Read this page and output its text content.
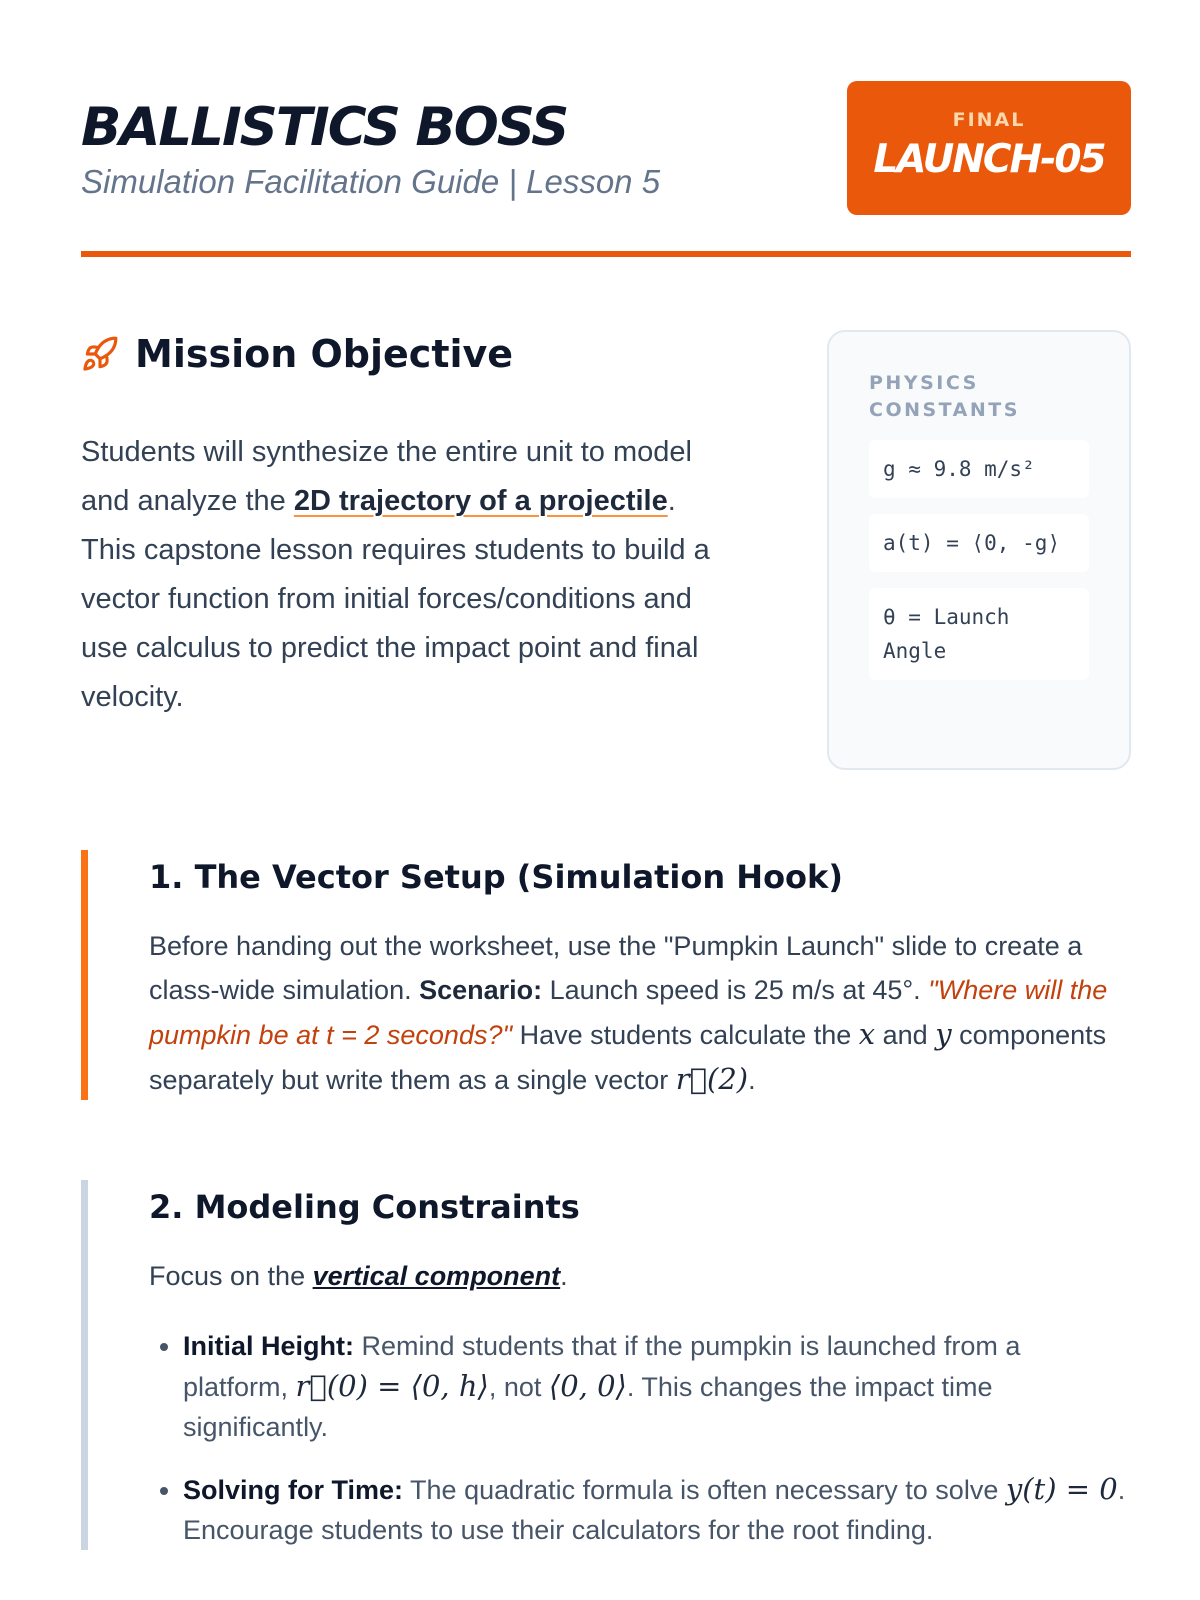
BALLISTICS BOSS
Simulation Facilitation Guide | Lesson 5
FINAL
LAUNCH-05
Mission Objective

Students will synthesize the entire unit to model and analyze the 2D trajectory of a projectile. This capstone lesson requires students to build a vector function from initial forces/conditions and use calculus to predict the impact point and final velocity.

PHYSICS CONSTANTS
g ≈ 9.8 m/s²
a(t) = ⟨0, -g⟩
θ = Launch Angle
1. The Vector Setup (Simulation Hook)

Before handing out the worksheet, use the "Pumpkin Launch" slide to create a class-wide simulation. Scenario: Launch speed is 25 m/s at 45°. "Where will the pumpkin be at t = 2 seconds?" Have students calculate the x and y components separately but write them as a single vector r⃗(2).

2. Modeling Constraints

Focus on the vertical component.

• Initial Height: Remind students that if the pumpkin is launched from a platform, r⃗(0) = ⟨0, h⟩, not ⟨0, 0⟩. This changes the impact time significantly.
• Solving for Time: The quadratic formula is often necessary to solve y(t) = 0. Encourage students to use their calculators for the root finding.
